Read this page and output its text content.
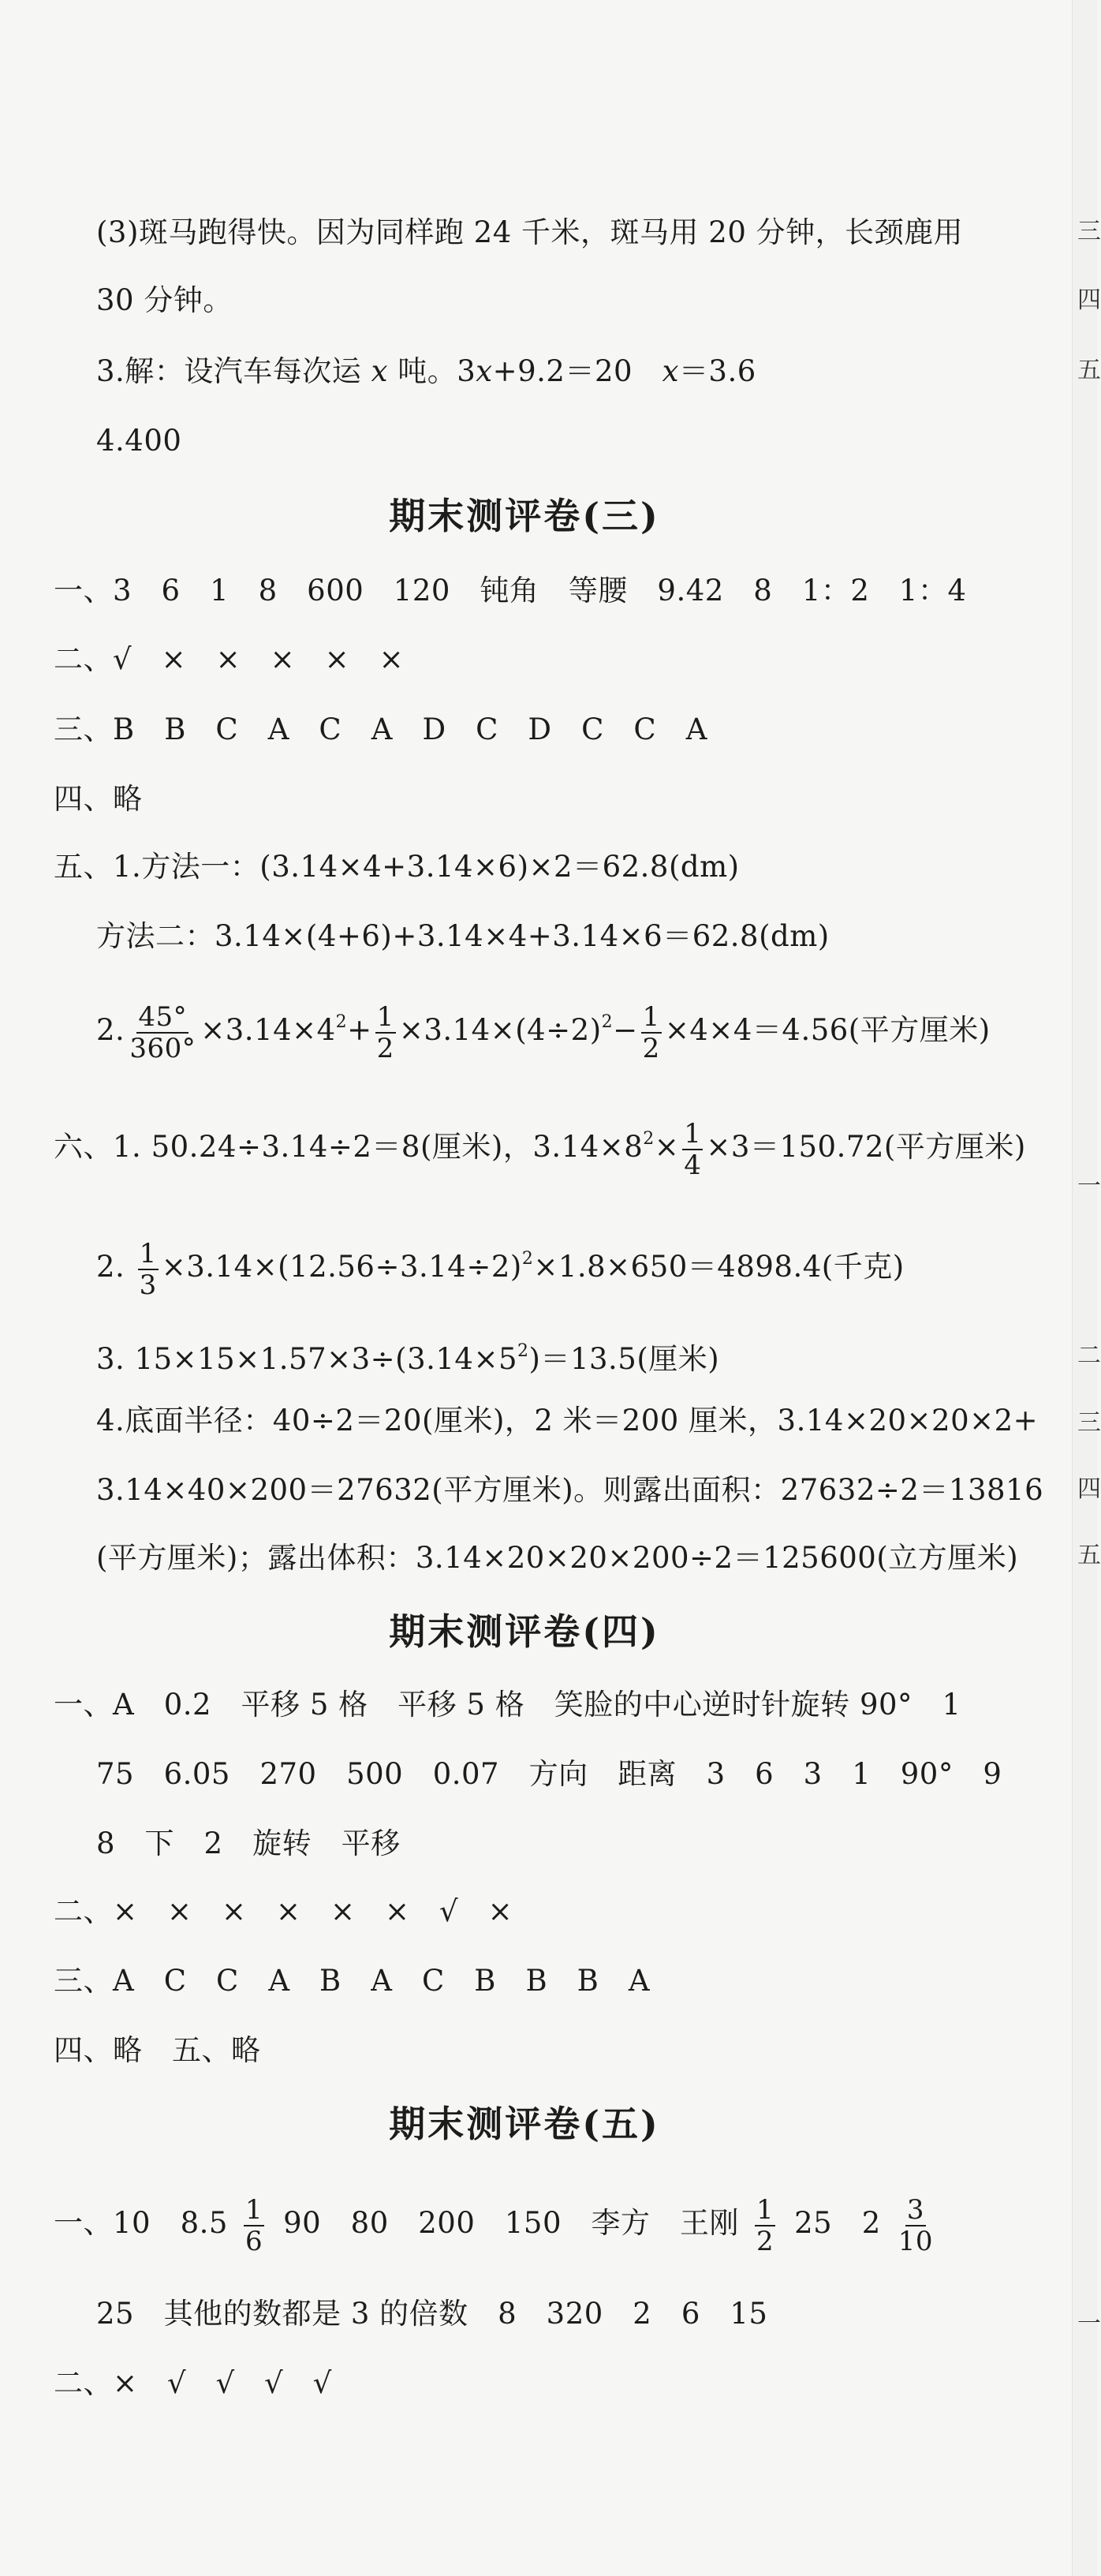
三
四
五
一
二
三
四
五
一
(3)斑马跑得快。因为同样跑 24 千米，斑马用 20 分钟，长颈鹿用
30 分钟。
3.解：设汽车每次运 x 吨。3x+9.2＝20　x＝3.6
4.400
期末测评卷(三)
一、3　6　1　8　600　120　钝角　等腰　9.42　8　1：2　1：4
二、√　×　×　×　×　×
三、B　B　C　A　C　A　D　C　D　C　C　A
四、略
五、1.方法一：(3.14×4+3.14×6)×2＝62.8(dm)
方法二：3.14×(4+6)+3.14×4+3.14×6＝62.8(dm)
2. $\frac{45^\circ}{360^\circ} \times 3.14\times 4^2+ \frac{1}{2} \times 3.14\times(4\div 2)^2- \frac{1}{2} \times 4\times 4=4.56$(平方厘米)
六、1. 50.24÷3.14÷2＝8(厘米)，$3.14\times 8^2\times \frac{1}{4} \times 3=150.72$(平方厘米)
2. $\frac{1}{3} \times 3.14\times(12.56\div 3.14\div 2)^2\times 1.8\times 650=4898.4$(千克)
3. $15\times 15\times 1.57\times 3\div(3.14\times 5^2)=13.5$(厘米)
4.底面半径：40÷2＝20(厘米)，2 米＝200 厘米，3.14×20×20×2+
3.14×40×200＝27632(平方厘米)。则露出面积：27632÷2＝13816
(平方厘米)；露出体积：3.14×20×20×200÷2＝125600(立方厘米)
期末测评卷(四)
一、A　0.2　平移 5 格　平移 5 格　笑脸的中心逆时针旋转 90°　1
75　6.05　270　500　0.07　方向　距离　3　6　3　1　90°　9
8　下　2　旋转　平移
二、×　×　×　×　×　×　√　×
三、A　C　C　A　B　A　C　B　B　B　A
四、略　五、略
期末测评卷(五)
一、10　$8.5 \frac{1}{6} 90$　80　200　150　李方　王刚 $\frac{1}{2} 25$　$2 \frac{3}{10}$
25　其他的数都是 3 的倍数　8　320　2　6　15
二、×　√　√　√　√
